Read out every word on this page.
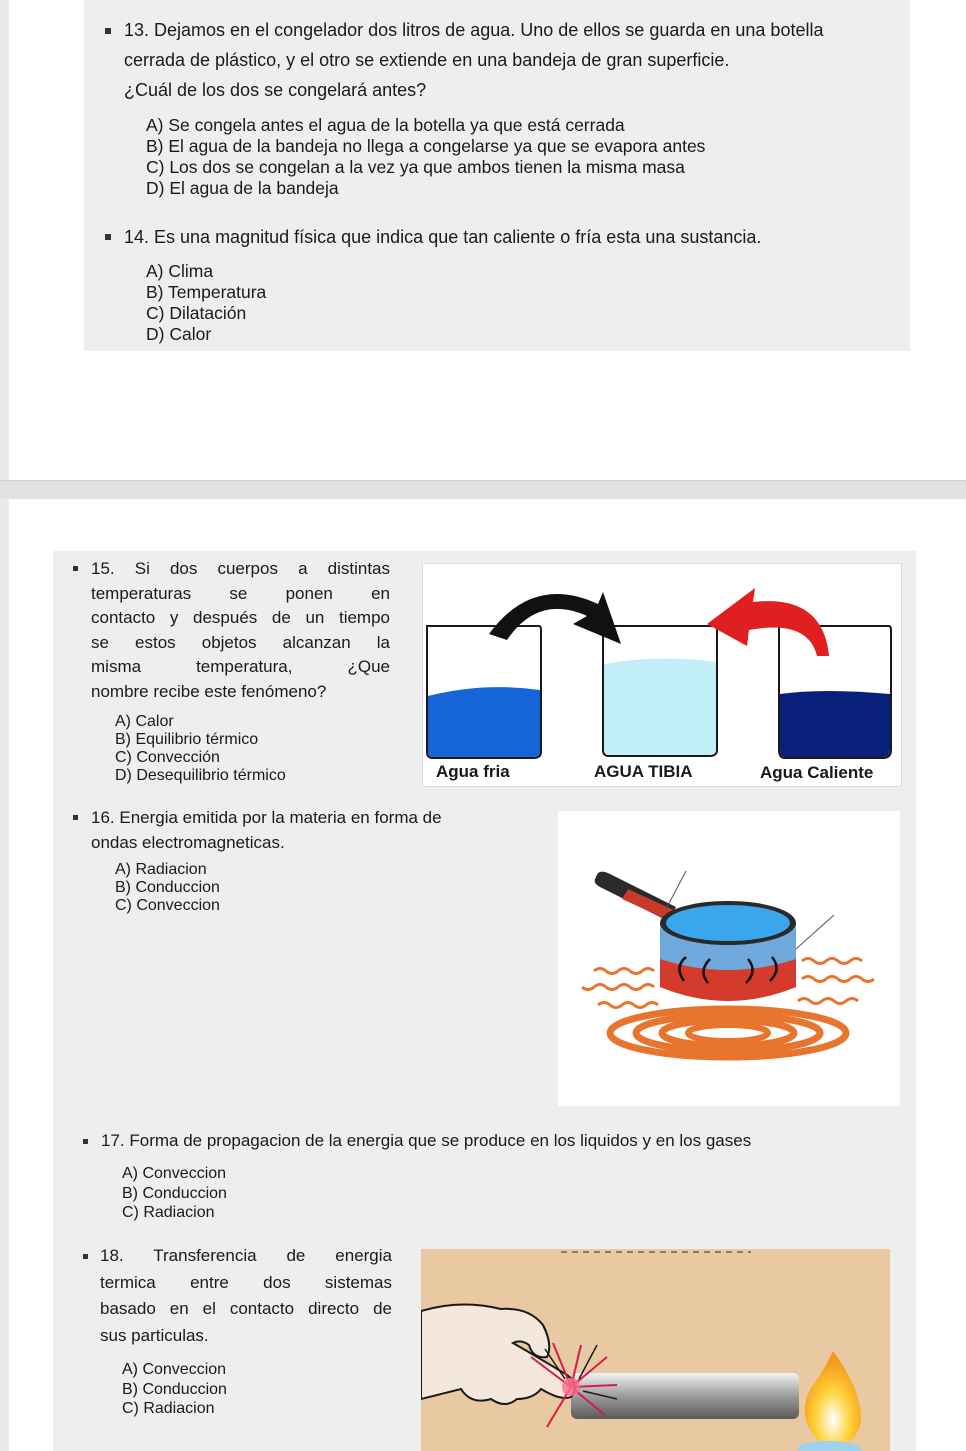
13. Dejamos en el congelador dos litros de agua. Uno de ellos se guarda en una botella
cerrada de plástico, y el otro se extiende en una bandeja de gran superficie.
¿Cuál de los dos se congelará antes?
A) Se congela antes el agua de la botella ya que está cerrada
B) El agua de la bandeja no llega a congelarse ya que se evapora antes
C) Los dos se congelan a la vez ya que ambos tienen la misma masa
D) El agua de la bandeja
14. Es una magnitud física que indica que tan caliente o fría esta una sustancia.
A) Clima
B) Temperatura
C) Dilatación
D) Calor
15. Si dos cuerpos a distintas
temperaturas se ponen en
contacto y después de un tiempo
se estos objetos alcanzan la
misma temperatura, ¿Que
nombre recibe este fenómeno?
A) Calor
B) Equilibrio térmico
C) Convección
D) Desequilibrio térmico	Agua fria	AGUA TIBIA	Agua Caliente
16. Energia emitida por la materia en forma de
ondas electromagneticas.
A) Radiacion
B) Conduccion
C) Conveccion
17. Forma de propagacion de la energia que se produce en los liquidos y en los gases
A) Conveccion
B) Conduccion
C) Radiacion
18. Transferencia de energia
termica entre dos sistemas
basado en el contacto directo de
sus particulas.
A) Conveccion
B) Conduccion
C) Radiacion
